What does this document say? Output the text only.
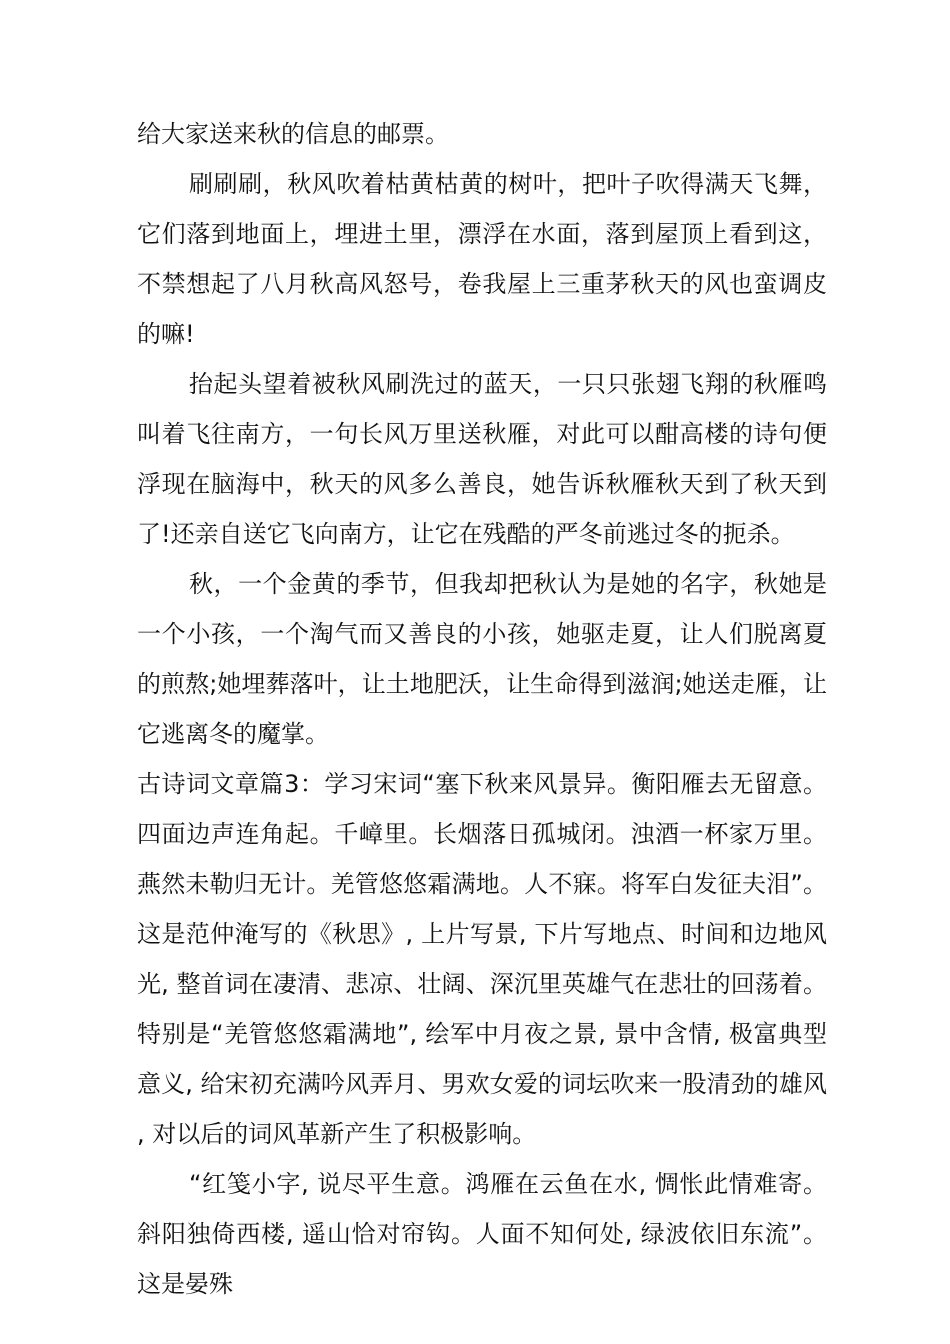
给大家送来秋的信息的邮票。

刷刷刷，秋风吹着枯黄枯黄的树叶，把叶子吹得满天飞舞，它们落到地面上，埋进土里，漂浮在水面，落到屋顶上看到这，不禁想起了八月秋高风怒号，卷我屋上三重茅秋天的风也蛮调皮的嘛!

抬起头望着被秋风刷洗过的蓝天，一只只张翅飞翔的秋雁鸣叫着飞往南方，一句长风万里送秋雁，对此可以酣高楼的诗句便浮现在脑海中，秋天的风多么善良，她告诉秋雁秋天到了秋天到了!还亲自送它飞向南方，让它在残酷的严冬前逃过冬的扼杀。

秋，一个金黄的季节，但我却把秋认为是她的名字，秋她是一个小孩，一个淘气而又善良的小孩，她驱走夏，让人们脱离夏的煎熬;她埋葬落叶，让土地肥沃，让生命得到滋润;她送走雁，让它逃离冬的魔掌。

古诗词文章篇3：学习宋词“塞下秋来风景异。衡阳雁去无留意。四面边声连角起。千嶂里。长烟落日孤城闭。浊酒一杯家万里。燕然未勒归无计。羌管悠悠霜满地。人不寐。将军白发征夫泪”。这是范仲淹写的《秋思》, 上片写景, 下片写地点、时间和边地风光, 整首词在凄清、悲凉、壮阔、深沉里英雄气在悲壮的回荡着。特别是“羌管悠悠霜满地”, 绘军中月夜之景, 景中含情, 极富典型意义, 给宋初充满吟风弄月、男欢女爱的词坛吹来一股清劲的雄风, 对以后的词风革新产生了积极影响。

“红笺小字, 说尽平生意。鸿雁在云鱼在水, 惆怅此情难寄。斜阳独倚西楼, 遥山恰对帘钩。人面不知何处, 绿波依旧东流”。这是晏殊
